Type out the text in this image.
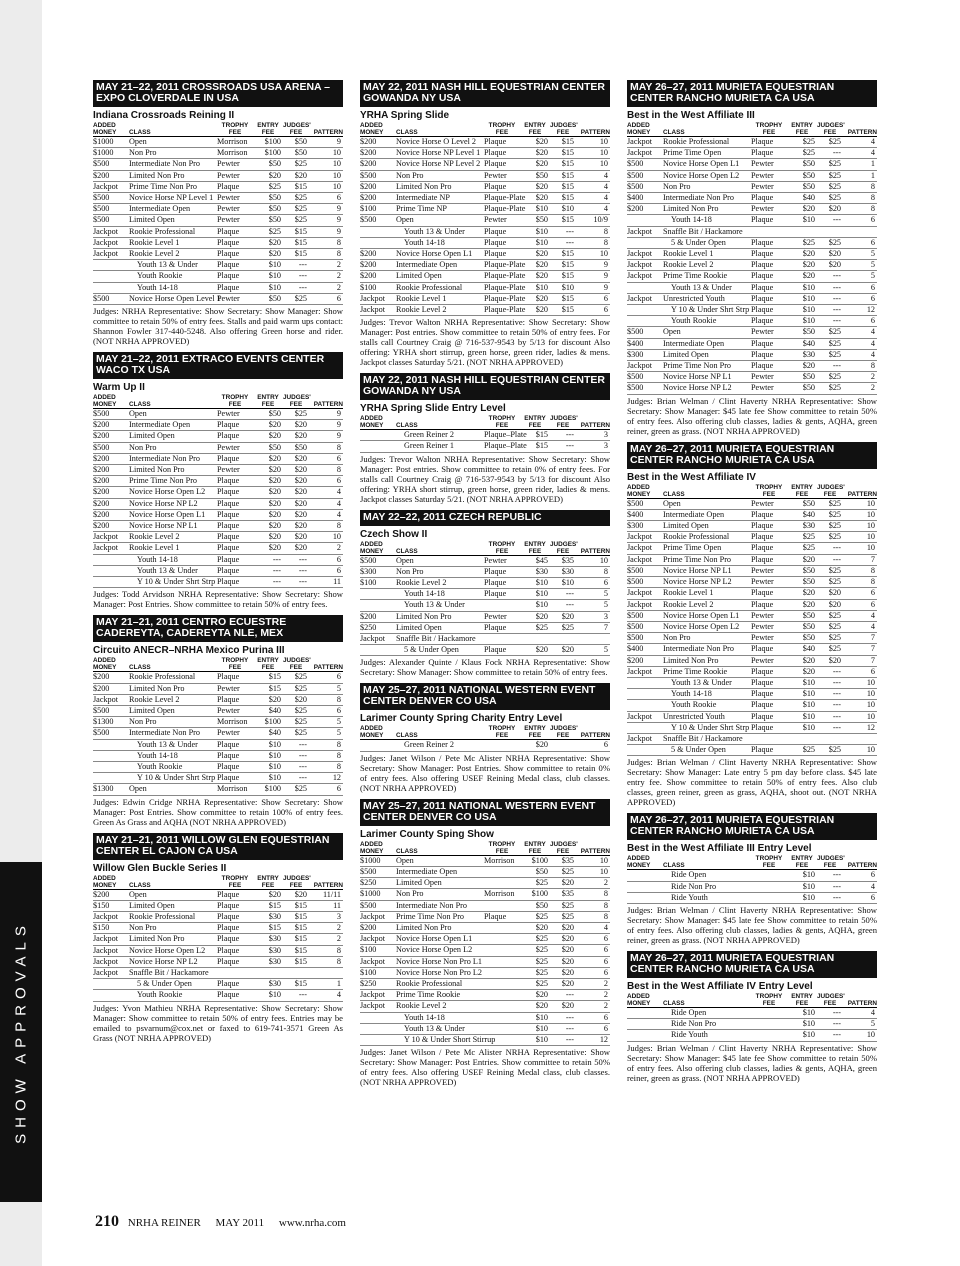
SHOW APPROVALS
MAY 21–22, 2011 CROSSROADS USA ARENA –EXPO CLOVERDALE IN USA
Indiana Crossroads Reining II
ADDED		TROPHY	ENTRY	JUDGES'	
MONEY	CLASS	FEE	FEE	FEE	PATTERN
$1000	Open	Morrison	$100	$50	9
$1000	Non Pro	Morrison	$100	$50	10
$500	Intermediate Non Pro	Pewter	$50	$25	10
$200	Limited Non Pro	Pewter	$20	$20	10
Jackpot	Prime Time Non Pro	Plaque	$25	$15	10
$500	Novice Horse NP Level 1	Pewter	$50	$25	6
$500	Intermediate Open	Pewter	$50	$25	9
$500	Limited Open	Pewter	$50	$25	9
Jackpot	Rookie Professional	Plaque	$25	$15	9
Jackpot	Rookie Level 1	Plaque	$20	$15	8
Jackpot	Rookie Level 2	Plaque	$20	$15	8
	Youth 13 & Under	Plaque	$10	---	2
	Youth Rookie	Plaque	$10	---	2
	Youth 14-18	Plaque	$10	---	2
$500	Novice Horse Open Level 1	Pewter	$50	$25	6
Judges: NRHA Representative: Show Secretary: Show Manager: Show committee to retain 50% of entry fees. Stalls and paid warm ups contact: Shannon Fowler 317-440-5248. Also offering Green horse and rider. (NOT NRHA APPROVED)
MAY 21–22, 2011 EXTRACO EVENTS CENTER WACO TX USA
Warm Up II
ADDED		TROPHY	ENTRY	JUDGES'	
MONEY	CLASS	FEE	FEE	FEE	PATTERN
$500	Open	Pewter	$50	$25	9
$200	Intermediate Open	Plaque	$20	$20	9
$200	Limited Open	Plaque	$20	$20	9
$500	Non Pro	Pewter	$50	$50	8
$200	Intermediate Non Pro	Plaque	$20	$20	6
$200	Limited Non Pro	Pewter	$20	$20	8
$200	Prime Time Non Pro	Plaque	$20	$20	6
$200	Novice Horse Open L2	Plaque	$20	$20	4
$200	Novice Horse NP L2	Plaque	$20	$20	4
$200	Novice Horse Open L1	Plaque	$20	$20	4
$200	Novice Horse NP L1	Plaque	$20	$20	8
Jackpot	Rookie Level 2	Plaque	$20	$20	10
Jackpot	Rookie Level 1	Plaque	$20	$20	2
	Youth 14-18	Plaque	---	---	6
	Youth 13 & Under	Plaque	---	---	6
	Y 10 & Under Shrt Strp	Plaque	---	---	11
Judges: Todd Arvidson NRHA Representative: Show Secretary: Show Manager: Post Entries. Show committee to retain 50% of entry fees.
MAY 21–21, 2011 CENTRO ECUESTRE CADEREYTA, CADEREYTA NLE, MEX
Circuito ANECR–NRHA Mexico Purina III
ADDED		TROPHY	ENTRY	JUDGES'	
MONEY	CLASS	FEE	FEE	FEE	PATTERN
$200	Rookie Professional	Plaque	$15	$25	6
$200	Limited Non Pro	Pewter	$15	$25	5
Jackpot	Rookie Level 2	Plaque	$20	$20	8
$500	Limited Open	Pewter	$40	$25	6
$1300	Non Pro	Morrison	$100	$25	5
$500	Intermediate Non Pro	Pewter	$40	$25	5
	Youth 13 & Under	Plaque	$10	---	8
	Youth 14-18	Plaque	$10	---	8
	Youth Rookie	Plaque	$10	---	8
	Y 10 & Under Shrt Strp	Plaque	$10	---	12
$1300	Open	Morrison	$100	$25	6
Judges: Edwin Cridge NRHA Representative: Show Secretary: Show Manager: Post Entries. Show committee to retain 100% of entry fees. Green As Grass and AQHA (NOT NRHA APPROVED)
MAY 21–21, 2011 WILLOW GLEN EQUESTRIAN CENTER EL CAJON CA USA
Willow Glen Buckle Series II
ADDED		TROPHY	ENTRY	JUDGES'	
MONEY	CLASS	FEE	FEE	FEE	PATTERN
$200	Open	Plaque	$20	$20	11/11
$150	Limited Open	Plaque	$15	$15	11
Jackpot	Rookie Professional	Plaque	$30	$15	3
$150	Non Pro	Plaque	$15	$15	2
Jackpot	Limited Non Pro	Plaque	$30	$15	2
Jackpot	Novice Horse Open L2	Plaque	$30	$15	8
Jackpot	Novice Horse NP L2	Plaque	$30	$15	8
Jackpot	Snaffle Bit / Hackamore				
	5 & Under Open	Plaque	$30	$15	1
	Youth Rookie	Plaque	$10	---	4
Judges: Yvon Mathieu NRHA Representative: Show Secretary: Show Manager: Show committee to retain 50% of entry fees. Entries may be emailed to psvarnum@cox.net or faxed to 619-741-3571 Green As Grass (NOT NRHA APPROVED)
MAY 22, 2011 NASH HILL EQUESTRIAN CENTER GOWANDA NY USA
YRHA Spring Slide
ADDED		TROPHY	ENTRY	JUDGES'	
MONEY	CLASS	FEE	FEE	FEE	PATTERN
$200	Novice Horse O Level 2	Plaque	$20	$15	10
$200	Novice Horse NP Level 1	Plaque	$20	$15	10
$200	Novice Horse NP Level 2	Plaque	$20	$15	10
$500	Non Pro	Pewter	$50	$15	4
$200	Limited Non Pro	Plaque	$20	$15	4
$200	Intermediate NP	Plaque-Plate	$20	$15	4
$100	Prime Time NP	Plaque-Plate	$10	$10	4
$500	Open	Pewter	$50	$15	10/9
	Youth 13 & Under	Plaque	$10	---	8
	Youth 14-18	Plaque	$10	---	8
$200	Novice Horse Open L1	Plaque	$20	$15	10
$200	Intermediate Open	Plaque-Plate	$20	$15	9
$200	Limited Open	Plaque-Plate	$20	$15	9
$100	Rookie Professional	Plaque-Plate	$10	$10	9
Jackpot	Rookie Level 1	Plaque-Plate	$20	$15	6
Jackpot	Rookie Level 2	Plaque-Plate	$20	$15	6
Judges: Trevor Walton NRHA Representative: Show Secretary: Show Manager: Post entries. Show committee to retain 50% of entry fees. For stalls call Courtney Craig @ 716-537-9543 by 5/13 for discount Also offering: YRHA short stirrup, green horse, green rider, ladies & mens. Jackpot classes Saturday 5/21. (NOT NRHA APPROVED)
MAY 22, 2011 NASH HILL EQUESTRIAN CENTER GOWANDA NY USA
YRHA Spring Slide Entry Level
ADDED		TROPHY	ENTRY	JUDGES'	
MONEY	CLASS	FEE	FEE	FEE	PATTERN
	Green Reiner 2	Plaque–Plate	$15	---	3
	Green Reiner 1	Plaque–Plate	$15	---	3
Judges: Trevor Walton NRHA Representative: Show Secretary: Show Manager: Post entries. Show committee to retain 0% of entry fees. For stalls call Courtney Craig @ 716-537-9543 by 5/13 for discount Also offering: YRHA short stirrup, green horse, green rider, ladies & mens. Jackpot classes Saturday 5/21. (NOT NRHA APPROVED)
MAY 22–22, 2011 CZECH REPUBLIC
Czech Show II
ADDED		TROPHY	ENTRY	JUDGES'	
MONEY	CLASS	FEE	FEE	FEE	PATTERN
$500	Open	Pewter	$45	$35	10
$300	Non Pro	Plaque	$30	$30	8
$100	Rookie Level 2	Plaque	$10	$10	6
	Youth 14-18	Plaque	$10	---	5
	Youth 13 & Under		$10	---	5
$200	Limited Non Pro	Pewter	$20	$20	3
$250	Limited Open	Plaque	$25	$25	7
Jackpot	Snaffle Bit / Hackamore				
	5 & Under Open	Plaque	$20	$20	5
Judges: Alexander Quinte / Klaus Fock NRHA Representative: Show Secretary: Show Manager: Show committee to retain 50% of entry fees.
MAY 25–27, 2011 NATIONAL WESTERN EVENT CENTER DENVER CO USA
Larimer County Spring Charity Entry Level
ADDED		TROPHY	ENTRY	JUDGES'	
MONEY	CLASS	FEE	FEE	FEE	PATTERN
	Green Reiner 2		$20		6
Judges: Janet Wilson / Pete Mc Alister NRHA Representative: Show Secretary: Show Manager: Post Entries. Show committee to retain 0% of entry fees. Also offering USEF Reining Medal class, club classes. (NOT NRHA APPROVED)
MAY 25–27, 2011 NATIONAL WESTERN EVENT CENTER DENVER CO USA
Larimer County Sping Show
ADDED		TROPHY	ENTRY	JUDGES'	
MONEY	CLASS	FEE	FEE	FEE	PATTERN
$1000	Open	Morrison	$100	$35	10
$500	Intermediate Open		$50	$25	10
$250	Limited Open		$25	$20	2
$1000	Non Pro	Morrison	$100	$35	8
$500	Intermediate Non Pro		$50	$25	8
Jackpot	Prime Time Non Pro	Plaque	$25	$25	8
$200	Limited Non Pro		$20	$20	4
Jackpot	Novice Horse Open L1		$25	$20	6
$100	Novice Horse Open L2		$25	$20	6
Jackpot	Novice Horse Non Pro L1		$25	$20	6
$100	Novice Horse Non Pro L2		$25	$20	6
$250	Rookie Professional		$25	$20	2
Jackpot	Prime Time Rookie		$20	---	2
Jackpot	Rookie Level 2		$20	$20	2
	Youth 14-18		$10	---	6
	Youth 13 & Under		$10	---	6
	Y 10 & Under Short Stirrup		$10	---	12
Judges: Janet Wilson / Pete Mc Alister NRHA Representative: Show Secretary: Show Manager: Post Entries. Show committee to retain 50% of entry fees. Also offering USEF Reining Medal class, club classes. (NOT NRHA APPROVED)
MAY 26–27, 2011 MURIETA EQUESTRIAN CENTER RANCHO MURIETA CA USA
Best in the West Affiliate III
ADDED		TROPHY	ENTRY	JUDGES'	
MONEY	CLASS	FEE	FEE	FEE	PATTERN
Jackpot	Rookie Professional	Plaque	$25	$25	4
Jackpot	Prime Time Open	Plaque	$25	---	4
$500	Novice Horse Open L1	Pewter	$50	$25	1
$500	Novice Horse Open L2	Pewter	$50	$25	1
$500	Non Pro	Pewter	$50	$25	8
$400	Intermediate Non Pro	Plaque	$40	$25	8
$200	Limited Non Pro	Pewter	$20	$20	8
	Youth 14-18	Plaque	$10	---	6
Jackpot	Snaffle Bit / Hackamore				
	5 & Under Open	Plaque	$25	$25	6
Jackpot	Rookie Level 1	Plaque	$20	$20	5
Jackpot	Rookie Level 2	Plaque	$20	$20	5
Jackpot	Prime Time Rookie	Plaque	$20	---	5
	Youth 13 & Under	Plaque	$10	---	6
Jackpot	Unrestricted Youth	Plaque	$10	---	6
	Y 10 & Under Shrt Strp	Plaque	$10	---	12
	Youth Rookie	Plaque	$10	---	6
$500	Open	Pewter	$50	$25	4
$400	Intermediate Open	Plaque	$40	$25	4
$300	Limited Open	Plaque	$30	$25	4
Jackpot	Prime Time Non Pro	Plaque	$20	---	8
$500	Novice Horse NP L1	Pewter	$50	$25	2
$500	Novice Horse NP L2	Pewter	$50	$25	2
Judges: Brian Welman / Clint Haverty NRHA Representative: Show Secretary: Show Manager: $45 late fee Show committee to retain 50% of entry fees. Also offering club classes, ladies & gents, AQHA, green reiner, green as grass. (NOT NRHA APPROVED)
MAY 26–27, 2011 MURIETA EQUESTRIAN CENTER RANCHO MURIETA CA USA
Best in the West Affiliate IV
ADDED		TROPHY	ENTRY	JUDGES'	
MONEY	CLASS	FEE	FEE	FEE	PATTERN
$500	Open	Pewter	$50	$25	10
$400	Intermediate Open	Plaque	$40	$25	10
$300	Limited Open	Plaque	$30	$25	10
Jackpot	Rookie Professional	Plaque	$25	$25	10
Jackpot	Prime Time Open	Plaque	$25	---	10
Jackpot	Prime Time Non Pro	Plaque	$20	---	7
$500	Novice Horse NP L1	Pewter	$50	$25	8
$500	Novice Horse NP L2	Pewter	$50	$25	8
Jackpot	Rookie Level 1	Plaque	$20	$20	6
Jackpot	Rookie Level 2	Plaque	$20	$20	6
$500	Novice Horse Open L1	Pewter	$50	$25	4
$500	Novice Horse Open L2	Pewter	$50	$25	4
$500	Non Pro	Pewter	$50	$25	7
$400	Intermediate Non Pro	Plaque	$40	$25	7
$200	Limited Non Pro	Pewter	$20	$20	7
Jackpot	Prime Time Rookie	Plaque	$20	---	6
	Youth 13 & Under	Plaque	$10	---	10
	Youth 14-18	Plaque	$10	---	10
	Youth Rookie	Plaque	$10	---	10
Jackpot	Unrestricted Youth	Plaque	$10	---	10
	Y 10 & Under Shrt Strp	Plaque	$10	---	12
Jackpot	Snaffle Bit / Hackamore				
	5 & Under Open	Plaque	$25	$25	10
Judges: Brian Welman / Clint Haverty NRHA Representative: Show Secretary: Show Manager: Late entry 5 pm day before class. $45 late entry fee. Show committee to retain 50% of entry fees. Also club classes, green reiner, green as grass, AQHA, shoot out. (NOT NRHA APPROVED)
MAY 26–27, 2011 MURIETA EQUESTRIAN CENTER RANCHO MURIETA CA USA
Best in the West Affiliate III Entry Level
ADDED		TROPHY	ENTRY	JUDGES'	
MONEY	CLASS	FEE	FEE	FEE	PATTERN
	Ride Open		$10	---	6
	Ride Non Pro		$10	---	4
	Ride Youth		$10	---	6
Judges: Brian Welman / Clint Haverty NRHA Representative: Show Secretary: Show Manager: $45 late fee Show committee to retain 50% of entry fees. Also offering club classes, ladies & gents, AQHA, green reiner, green as grass. (NOT NRHA APPROVED)
MAY 26–27, 2011 MURIETA EQUESTRIAN CENTER RANCHO MURIETA CA USA
Best in the West Affiliate IV Entry Level
ADDED		TROPHY	ENTRY	JUDGES'	
MONEY	CLASS	FEE	FEE	FEE	PATTERN
	Ride Open		$10	---	4
	Ride Non Pro		$10	---	5
	Ride Youth		$10	---	10
Judges: Brian Welman / Clint Haverty NRHA Representative: Show Secretary: Show Manager: $45 late fee Show committee to retain 50% of entry fees. Also offering club classes, ladies & gents, AQHA, green reiner, green as grass. (NOT NRHA APPROVED)
210 NRHA REINER MAY 2011 www.nrha.com
